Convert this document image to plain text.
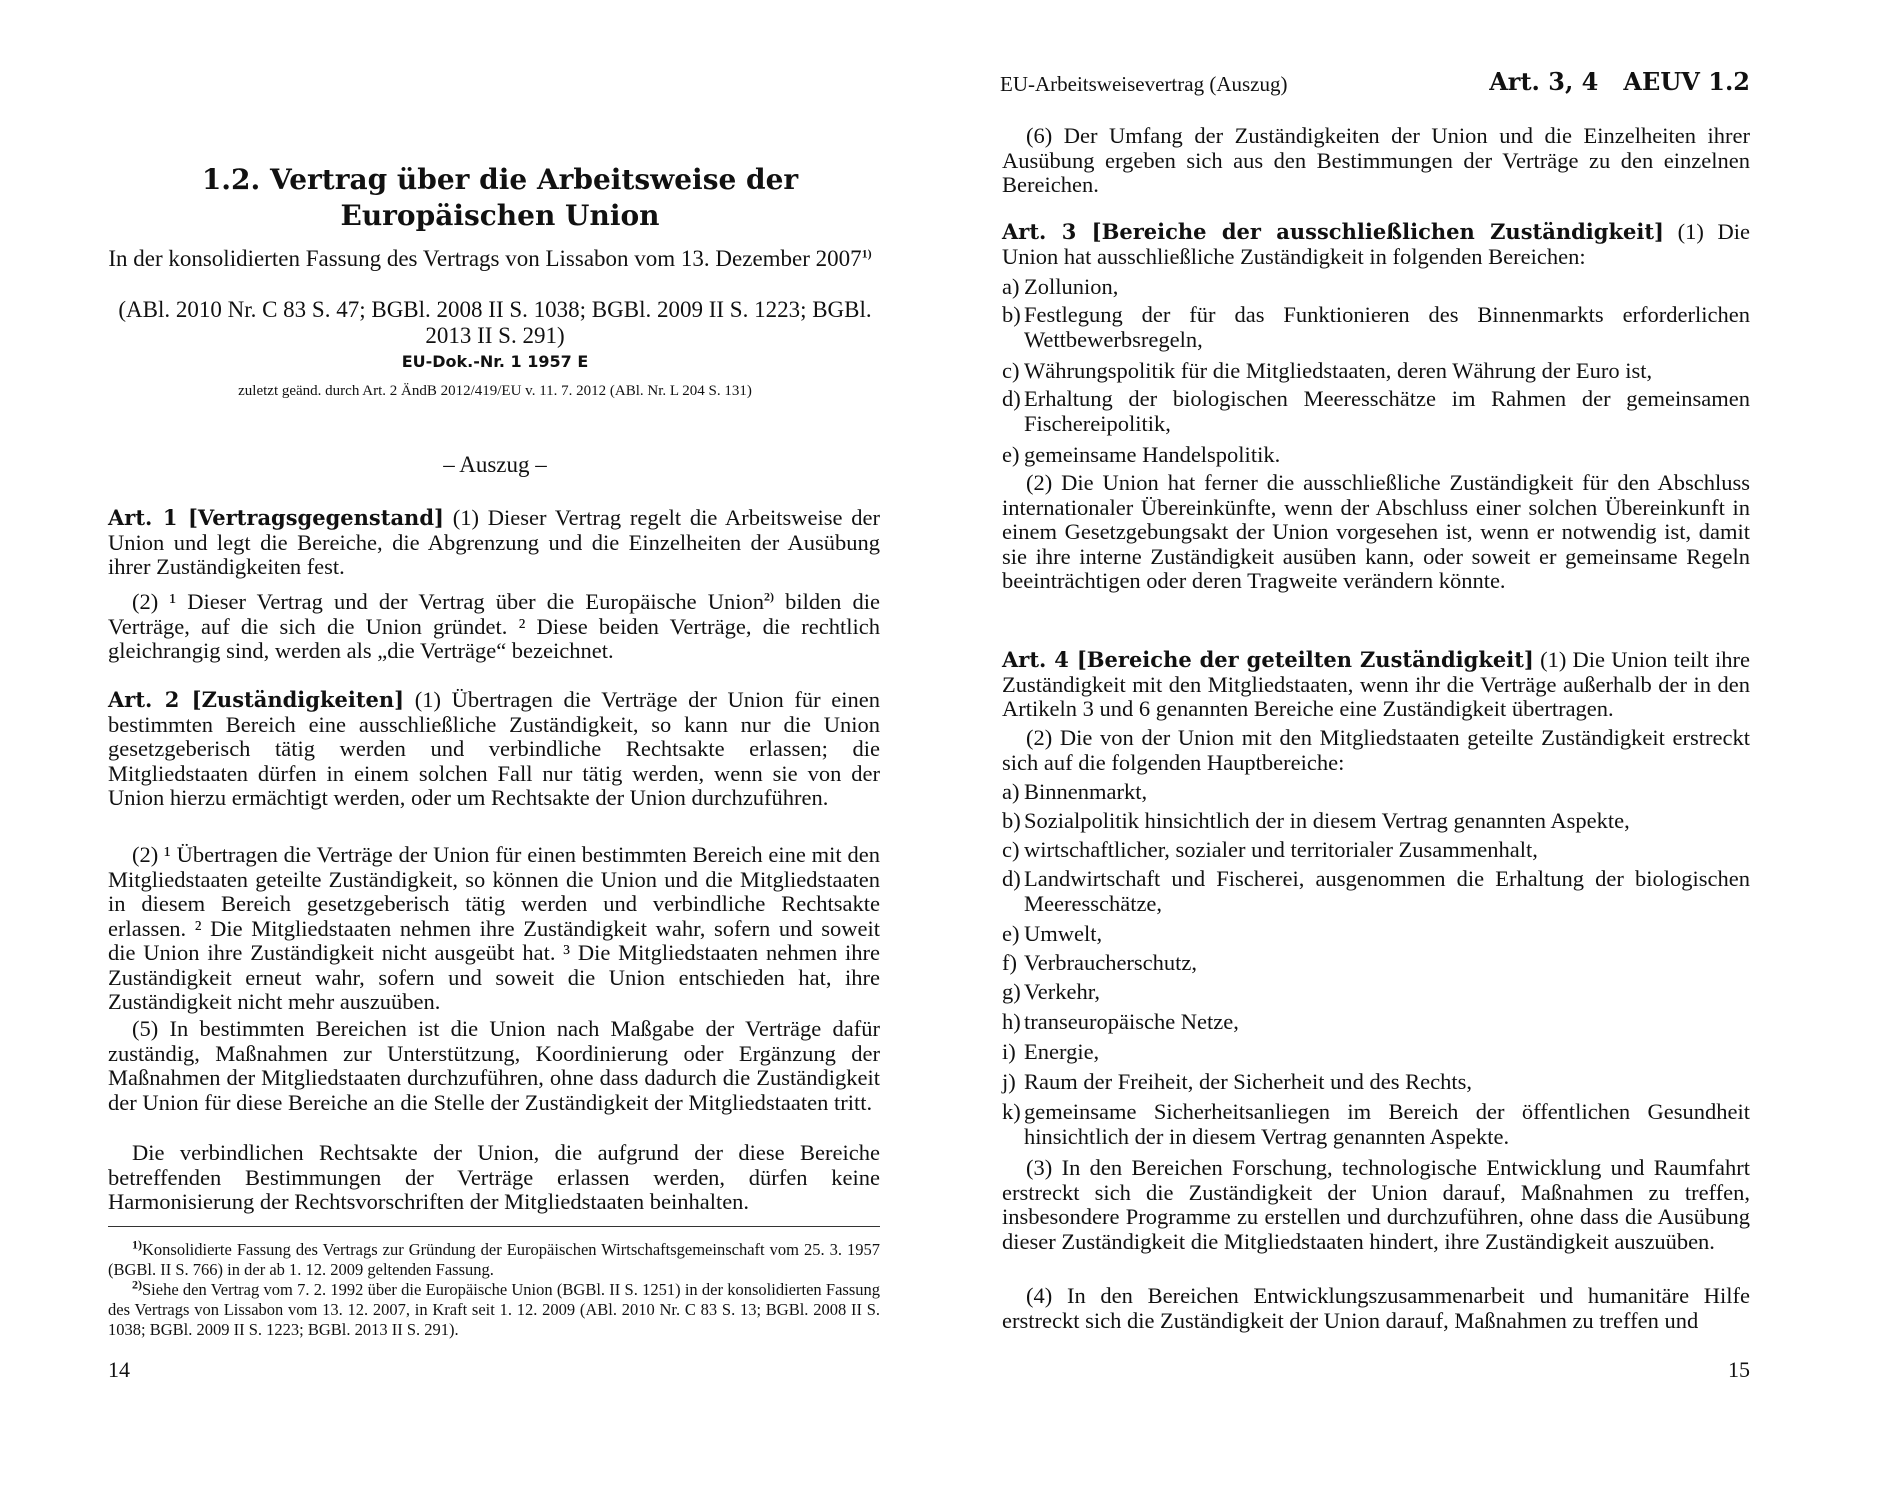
1.2. Vertrag über die Arbeitsweise der Europäischen Union
In der konsolidierten Fassung des Vertrags von Lissabon vom 13. Dezember 2007$^{1)}$
(ABl. 2010 Nr. C 83 S. 47; BGBl. 2008 II S. 1038; BGBl. 2009 II S. 1223; BGBl. 2013 II S. 291)
EU-Dok.-Nr. 1 1957 E
zuletzt geänd. durch Art. 2 ÄndB 2012/419/EU v. 11. 7. 2012 (ABl. Nr. L 204 S. 131)
– Auszug –
Art. 1 [Vertragsgegenstand] (1) Dieser Vertrag regelt die Arbeitsweise der Union und legt die Bereiche, die Abgrenzung und die Einzelheiten der Ausübung ihrer Zuständigkeiten fest.
(2) ¹ Dieser Vertrag und der Vertrag über die Europäische Union$^{2)}$ bilden die Verträge, auf die sich die Union gründet. ² Diese beiden Verträge, die rechtlich gleichrangig sind, werden als „die Verträge“ bezeichnet.
Art. 2 [Zuständigkeiten] (1) Übertragen die Verträge der Union für einen bestimmten Bereich eine ausschließliche Zuständigkeit, so kann nur die Union gesetzgeberisch tätig werden und verbindliche Rechtsakte erlassen; die Mitgliedstaaten dürfen in einem solchen Fall nur tätig werden, wenn sie von der Union hierzu ermächtigt werden, oder um Rechtsakte der Union durchzuführen.
(2) ¹ Übertragen die Verträge der Union für einen bestimmten Bereich eine mit den Mitgliedstaaten geteilte Zuständigkeit, so können die Union und die Mitgliedstaaten in diesem Bereich gesetzgeberisch tätig werden und verbindliche Rechtsakte erlassen. ² Die Mitgliedstaaten nehmen ihre Zuständigkeit wahr, sofern und soweit die Union ihre Zuständigkeit nicht ausgeübt hat. ³ Die Mitgliedstaaten nehmen ihre Zuständigkeit erneut wahr, sofern und soweit die Union entschieden hat, ihre Zuständigkeit nicht mehr auszuüben.
(5) In bestimmten Bereichen ist die Union nach Maßgabe der Verträge dafür zuständig, Maßnahmen zur Unterstützung, Koordinierung oder Ergänzung der Maßnahmen der Mitgliedstaaten durchzuführen, ohne dass dadurch die Zuständigkeit der Union für diese Bereiche an die Stelle der Zuständigkeit der Mitgliedstaaten tritt.
Die verbindlichen Rechtsakte der Union, die aufgrund der diese Bereiche betreffenden Bestimmungen der Verträge erlassen werden, dürfen keine Harmonisierung der Rechtsvorschriften der Mitgliedstaaten beinhalten.
$^{1)}$Konsolidierte Fassung des Vertrags zur Gründung der Europäischen Wirtschaftsgemeinschaft vom 25. 3. 1957 (BGBl. II S. 766) in der ab 1. 12. 2009 geltenden Fassung.
$^{2)}$Siehe den Vertrag vom 7. 2. 1992 über die Europäische Union (BGBl. II S. 1251) in der konsolidierten Fassung des Vertrags von Lissabon vom 13. 12. 2007, in Kraft seit 1. 12. 2009 (ABl. 2010 Nr. C 83 S. 13; BGBl. 2008 II S. 1038; BGBl. 2009 II S. 1223; BGBl. 2013 II S. 291).
14
EU-Arbeitsweisevertrag (Auszug)	Art. 3, 4   AEUV 1.2
(6) Der Umfang der Zuständigkeiten der Union und die Einzelheiten ihrer Ausübung ergeben sich aus den Bestimmungen der Verträge zu den einzelnen Bereichen.
Art. 3 [Bereiche der ausschließlichen Zuständigkeit] (1) Die Union hat ausschließliche Zuständigkeit in folgenden Bereichen:
a) Zollunion,
b) Festlegung der für das Funktionieren des Binnenmarkts erforderlichen Wettbewerbsregeln,
c) Währungspolitik für die Mitgliedstaaten, deren Währung der Euro ist,
d) Erhaltung der biologischen Meeresschätze im Rahmen der gemeinsamen Fischereipolitik,
e) gemeinsame Handelspolitik.
(2) Die Union hat ferner die ausschließliche Zuständigkeit für den Abschluss internationaler Übereinkünfte, wenn der Abschluss einer solchen Übereinkunft in einem Gesetzgebungsakt der Union vorgesehen ist, wenn er notwendig ist, damit sie ihre interne Zuständigkeit ausüben kann, oder soweit er gemeinsame Regeln beeinträchtigen oder deren Tragweite verändern könnte.
Art. 4 [Bereiche der geteilten Zuständigkeit] (1) Die Union teilt ihre Zuständigkeit mit den Mitgliedstaaten, wenn ihr die Verträge außerhalb der in den Artikeln 3 und 6 genannten Bereiche eine Zuständigkeit übertragen.
(2) Die von der Union mit den Mitgliedstaaten geteilte Zuständigkeit erstreckt sich auf die folgenden Hauptbereiche:
a) Binnenmarkt,
b) Sozialpolitik hinsichtlich der in diesem Vertrag genannten Aspekte,
c) wirtschaftlicher, sozialer und territorialer Zusammenhalt,
d) Landwirtschaft und Fischerei, ausgenommen die Erhaltung der biologischen Meeresschätze,
e) Umwelt,
f) Verbraucherschutz,
g) Verkehr,
h) transeuropäische Netze,
i) Energie,
j) Raum der Freiheit, der Sicherheit und des Rechts,
k) gemeinsame Sicherheitsanliegen im Bereich der öffentlichen Gesundheit hinsichtlich der in diesem Vertrag genannten Aspekte.
(3) In den Bereichen Forschung, technologische Entwicklung und Raumfahrt erstreckt sich die Zuständigkeit der Union darauf, Maßnahmen zu treffen, insbesondere Programme zu erstellen und durchzuführen, ohne dass die Ausübung dieser Zuständigkeit die Mitgliedstaaten hindert, ihre Zuständigkeit auszuüben.
(4) In den Bereichen Entwicklungszusammenarbeit und humanitäre Hilfe erstreckt sich die Zuständigkeit der Union darauf, Maßnahmen zu treffen und
15
